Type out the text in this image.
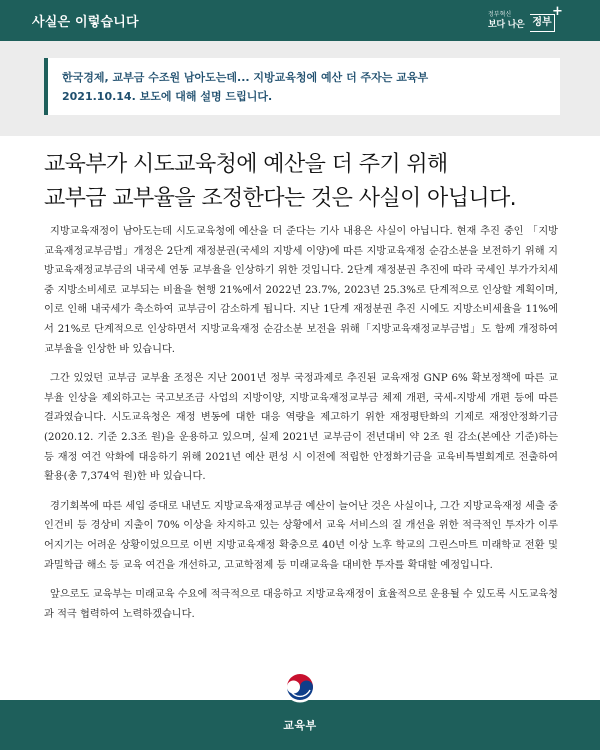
사실은 이렇습니다
정부혁신
보다 나은 정부
+
한국경제, 교부금 수조원 남아도는데... 지방교육청에 예산 더 주자는 교육부
2021.10.14. 보도에 대해 설명 드립니다.
교육부가 시도교육청에 예산을 더 주기 위해
교부금 교부율을 조정한다는 것은 사실이 아닙니다.

지방교육재정이 남아도는데 시도교육청에 예산을 더 준다는 기사 내용은 사실이 아닙니다. 현재 추진 중인 「지방교육재정교부금법」개정은 2단계 재정분권(국세의 지방세 이양)에 따른 지방교육재정 순감소분을 보전하기 위해 지방교육재정교부금의 내국세 연동 교부율을 인상하기 위한 것입니다. 2단계 재정분권 추진에 따라 국세인 부가가치세 중 지방소비세로 교부되는 비율을 현행 21%에서 2022년 23.7%, 2023년 25.3%로 단계적으로 인상할 계획이며, 이로 인해 내국세가 축소하여 교부금이 감소하게 됩니다. 지난 1단계 재정분권 추진 시에도 지방소비세율을 11%에서 21%로 단계적으로 인상하면서 지방교육재정 순감소분 보전을 위해「지방교육재정교부금법」도 함께 개정하여 교부율을 인상한 바 있습니다.

그간 있었던 교부금 교부율 조정은 지난 2001년 정부 국정과제로 추진된 교육재정 GNP 6% 확보정책에 따른 교부율 인상을 제외하고는 국고보조금 사업의 지방이양, 지방교육재정교부금 체제 개편, 국세-지방세 개편 등에 따른 결과였습니다. 시도교육청은 재정 변동에 대한 대응 역량을 제고하기 위한 재정평탄화의 기제로 재정안정화기금(2020.12. 기준 2.3조 원)을 운용하고 있으며, 실제 2021년 교부금이 전년대비 약 2조 원 감소(본예산 기준)하는 등 재정 여건 악화에 대응하기 위해 2021년 예산 편성 시 이전에 적립한 안정화기금을 교육비특별회계로 전출하여 활용(총 7,374억 원)한 바 있습니다.

경기회복에 따른 세입 증대로 내년도 지방교육재정교부금 예산이 늘어난 것은 사실이나, 그간 지방교육재정 세출 중 인건비 등 경상비 지출이 70% 이상을 차지하고 있는 상황에서 교육 서비스의 질 개선을 위한 적극적인 투자가 이루어지기는 어려운 상황이었으므로 이번 지방교육재정 확충으로 40년 이상 노후 학교의 그린스마트 미래학교 전환 및 과밀학급 해소 등 교육 여건을 개선하고, 고교학점제 등 미래교육을 대비한 투자를 확대할 예정입니다.

앞으로도 교육부는 미래교육 수요에 적극적으로 대응하고 지방교육재정이 효율적으로 운용될 수 있도록 시도교육청과 적극 협력하여 노력하겠습니다.

교육부
